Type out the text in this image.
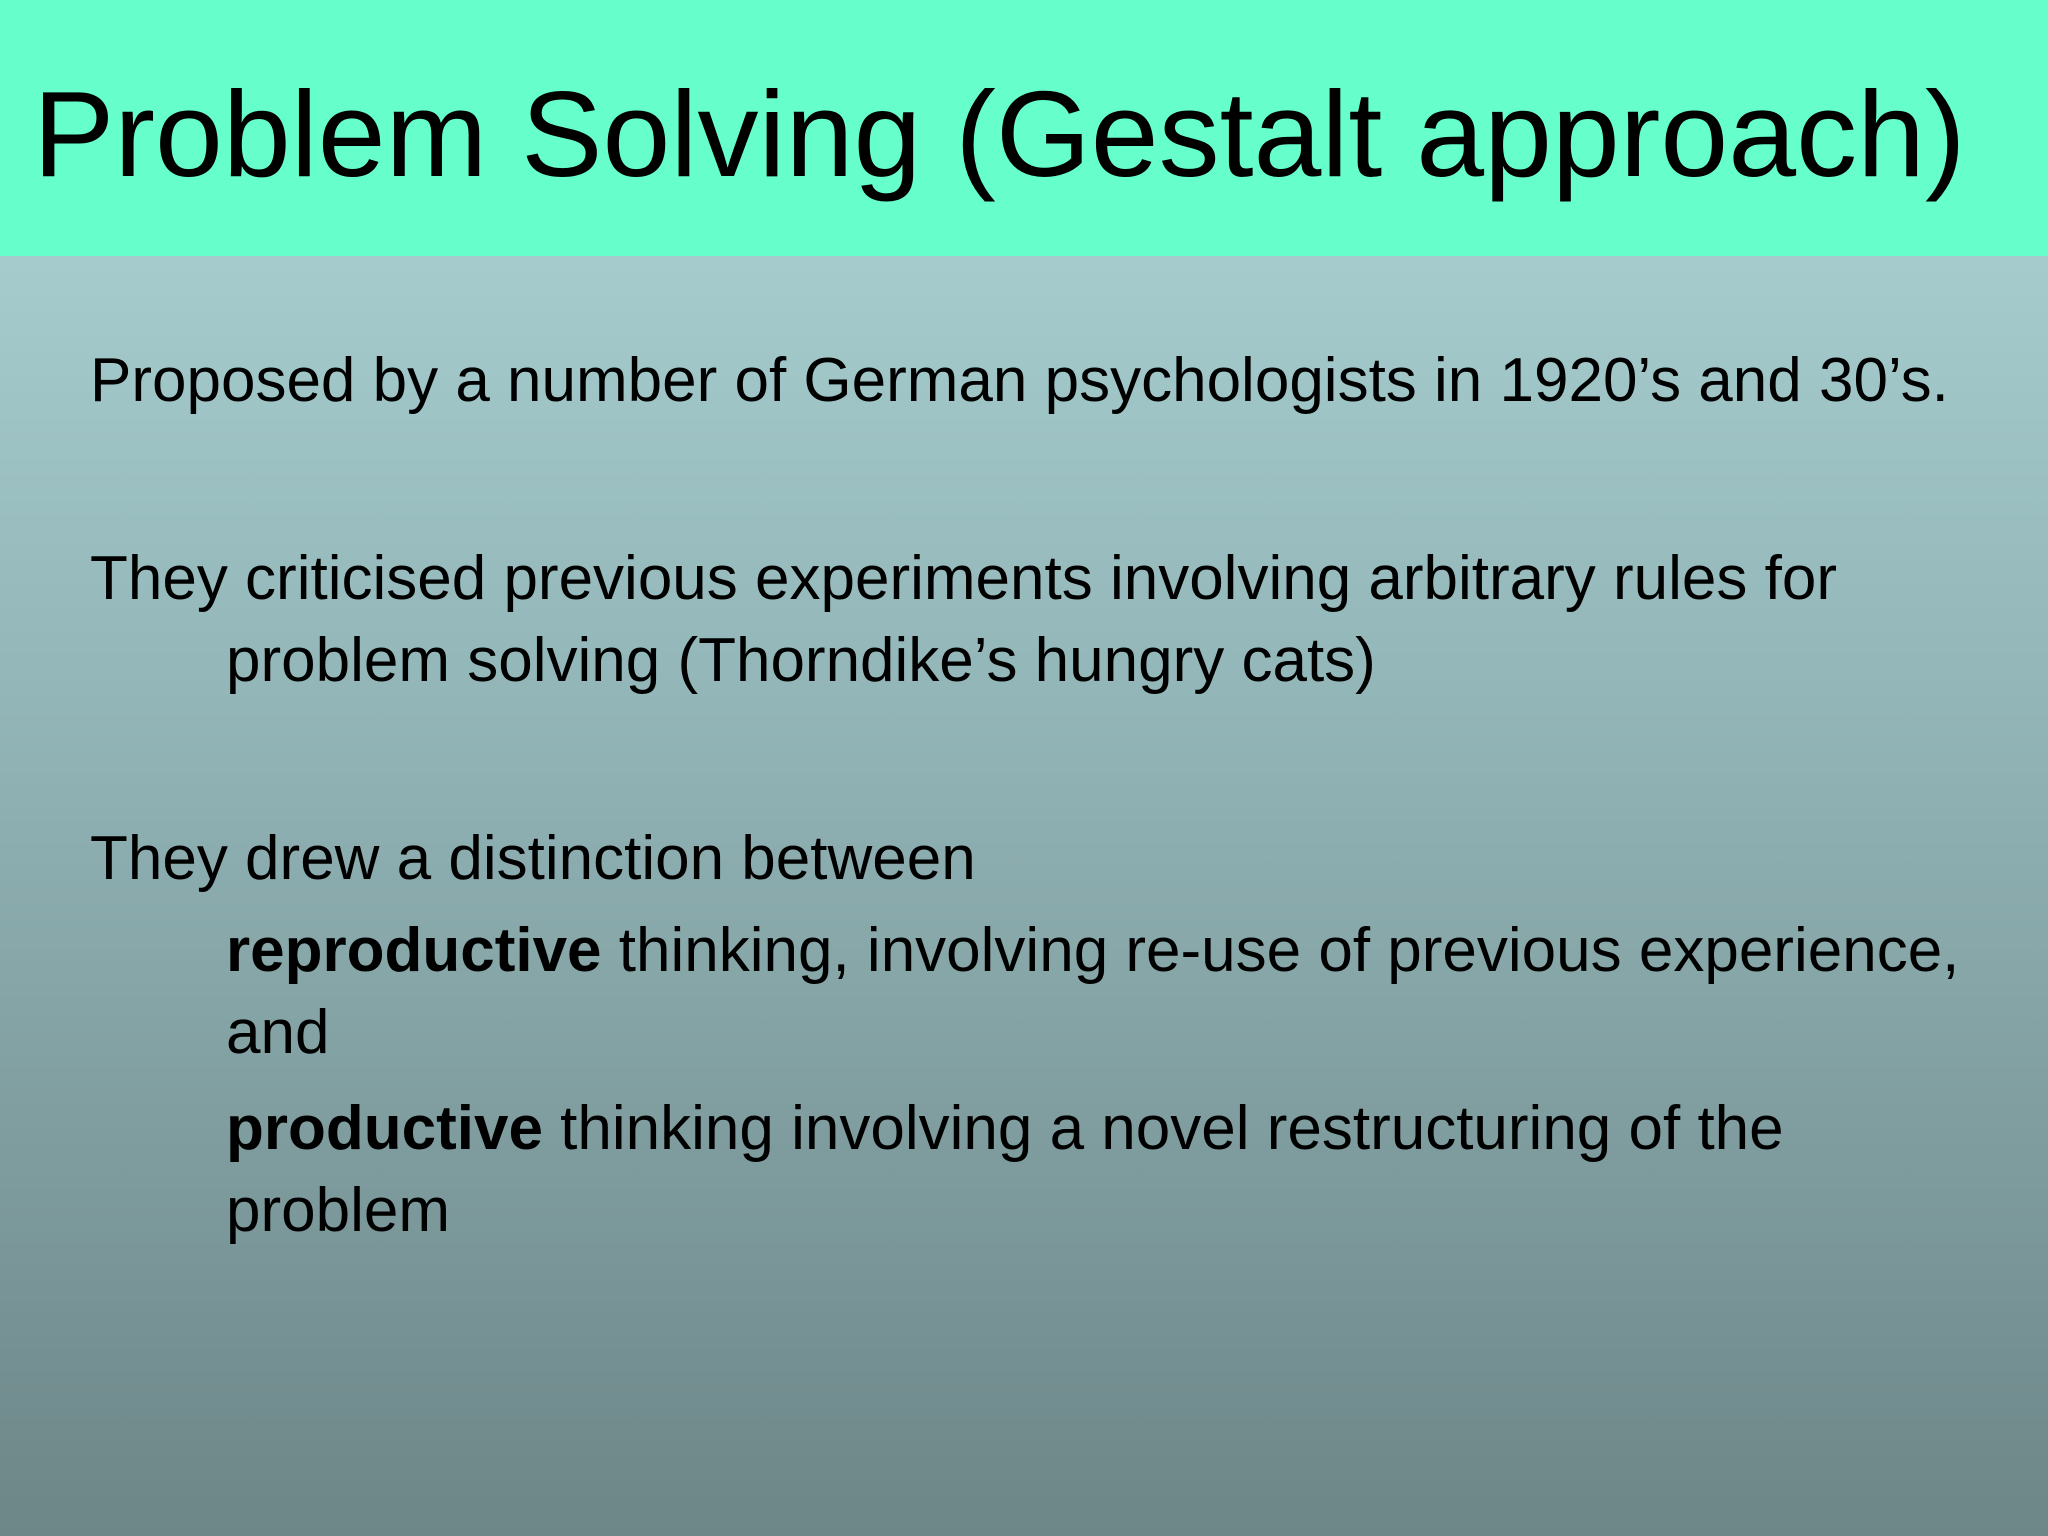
Problem Solving (Gestalt approach)

Proposed by a number of German psychologists in 1920’s and 30’s.

They criticised previous experiments involving arbitrary rules for problem solving (Thorndike’s hungry cats)

They drew a distinction between

reproductive thinking, involving re-use of previous experience, and

productive thinking involving a novel restructuring of the problem
